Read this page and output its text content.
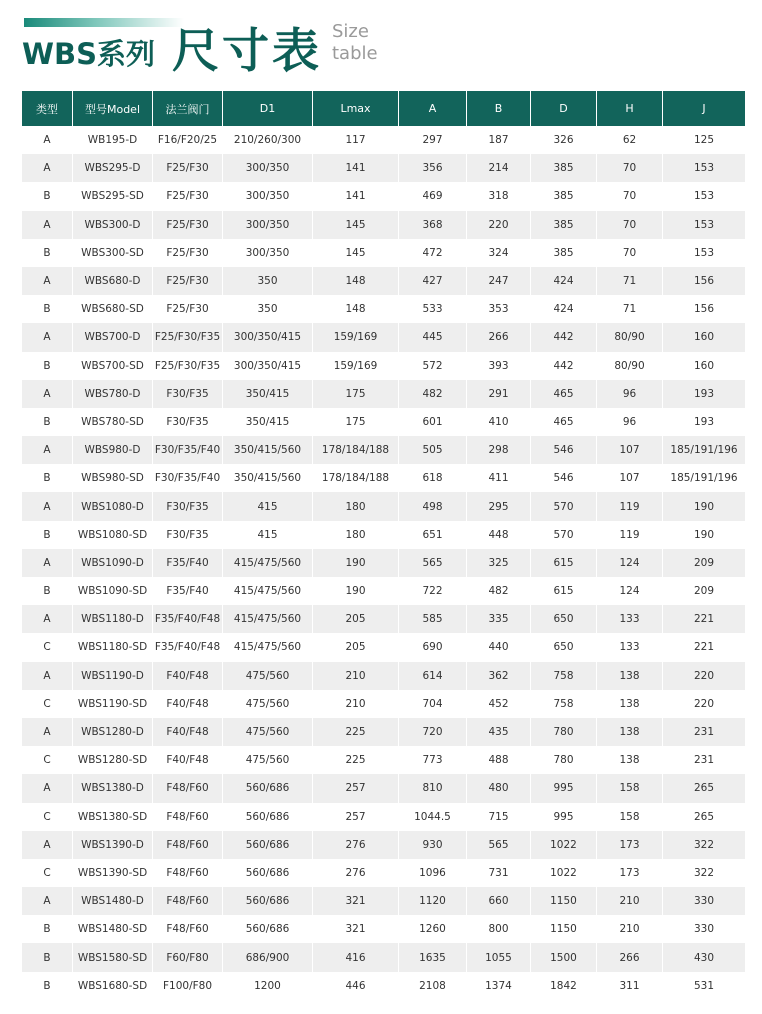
WBS系列 尺寸表 Size
table
类型	型号Model	法兰阀门	D1	Lmax	A	B	D	H	J
A	WB195-D	F16/F20/25	210/260/300	117	297	187	326	62	125
A	WBS295-D	F25/F30	300/350	141	356	214	385	70	153
B	WBS295-SD	F25/F30	300/350	141	469	318	385	70	153
A	WBS300-D	F25/F30	300/350	145	368	220	385	70	153
B	WBS300-SD	F25/F30	300/350	145	472	324	385	70	153
A	WBS680-D	F25/F30	350	148	427	247	424	71	156
B	WBS680-SD	F25/F30	350	148	533	353	424	71	156
A	WBS700-D	F25/F30/F35	300/350/415	159/169	445	266	442	80/90	160
B	WBS700-SD	F25/F30/F35	300/350/415	159/169	572	393	442	80/90	160
A	WBS780-D	F30/F35	350/415	175	482	291	465	96	193
B	WBS780-SD	F30/F35	350/415	175	601	410	465	96	193
A	WBS980-D	F30/F35/F40	350/415/560	178/184/188	505	298	546	107	185/191/196
B	WBS980-SD	F30/F35/F40	350/415/560	178/184/188	618	411	546	107	185/191/196
A	WBS1080-D	F30/F35	415	180	498	295	570	119	190
B	WBS1080-SD	F30/F35	415	180	651	448	570	119	190
A	WBS1090-D	F35/F40	415/475/560	190	565	325	615	124	209
B	WBS1090-SD	F35/F40	415/475/560	190	722	482	615	124	209
A	WBS1180-D	F35/F40/F48	415/475/560	205	585	335	650	133	221
C	WBS1180-SD	F35/F40/F48	415/475/560	205	690	440	650	133	221
A	WBS1190-D	F40/F48	475/560	210	614	362	758	138	220
C	WBS1190-SD	F40/F48	475/560	210	704	452	758	138	220
A	WBS1280-D	F40/F48	475/560	225	720	435	780	138	231
C	WBS1280-SD	F40/F48	475/560	225	773	488	780	138	231
A	WBS1380-D	F48/F60	560/686	257	810	480	995	158	265
C	WBS1380-SD	F48/F60	560/686	257	1044.5	715	995	158	265
A	WBS1390-D	F48/F60	560/686	276	930	565	1022	173	322
C	WBS1390-SD	F48/F60	560/686	276	1096	731	1022	173	322
A	WBS1480-D	F48/F60	560/686	321	1120	660	1150	210	330
B	WBS1480-SD	F48/F60	560/686	321	1260	800	1150	210	330
B	WBS1580-SD	F60/F80	686/900	416	1635	1055	1500	266	430
B	WBS1680-SD	F100/F80	1200	446	2108	1374	1842	311	531
